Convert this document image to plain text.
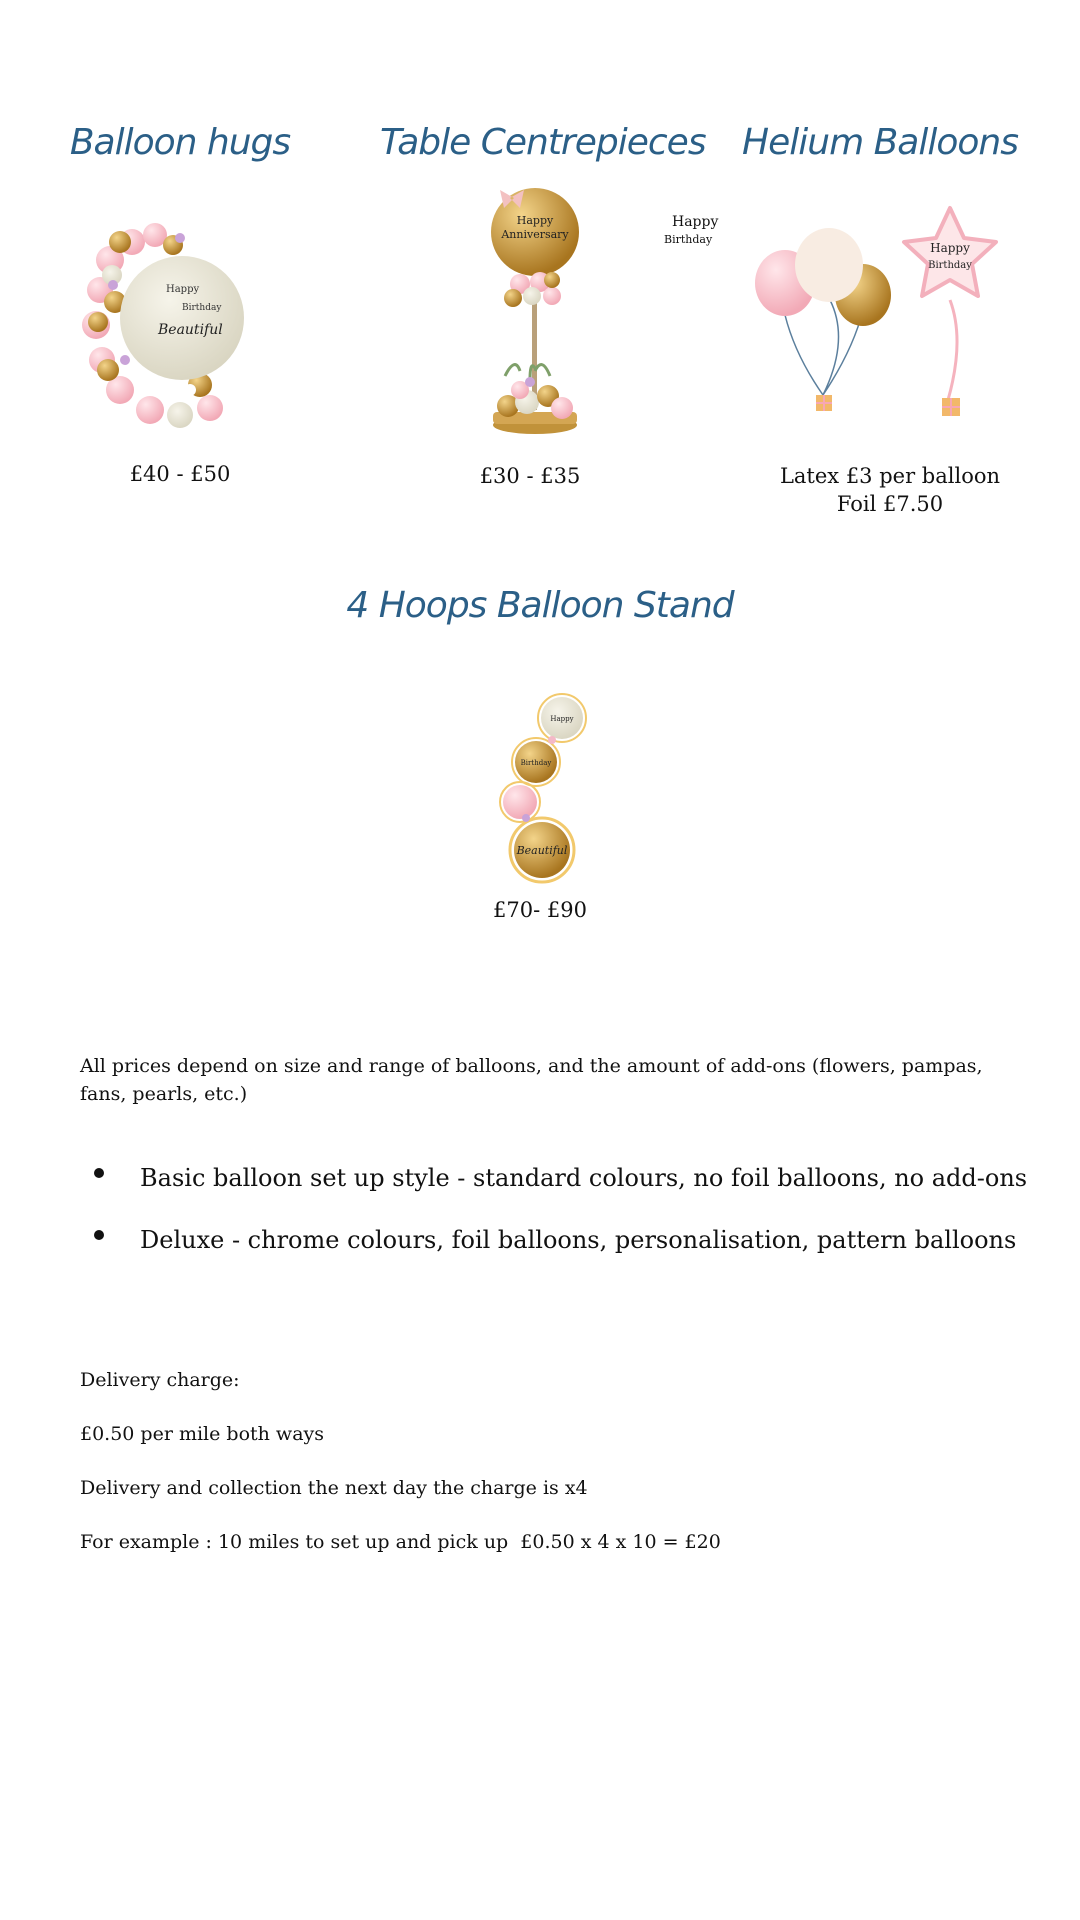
Balloon hugs	Table Centrepieces Helium Balloons
Happy
Birthday
Beautiful
Happy
Anniversary
Happy
Birthday
Happy
Birthday
£40 - £50	£30 - £35	Latex £3 per balloon
Foil £7.50
4 Hoops Balloon Stand
Happy
Birthday
Beautiful
£70- £90
All prices depend on size and range of balloons, and the amount of add-ons (flowers, pampas, fans, pearls, etc.)
Basic balloon set up style - standard colours, no foil balloons, no add-ons
Deluxe - chrome colours, foil balloons, personalisation, pattern balloons
Delivery charge:
£0.50 per mile both ways
Delivery and collection the next day the charge is x4
For example : 10 miles to set up and pick up  £0.50 x 4 x 10 = £20
